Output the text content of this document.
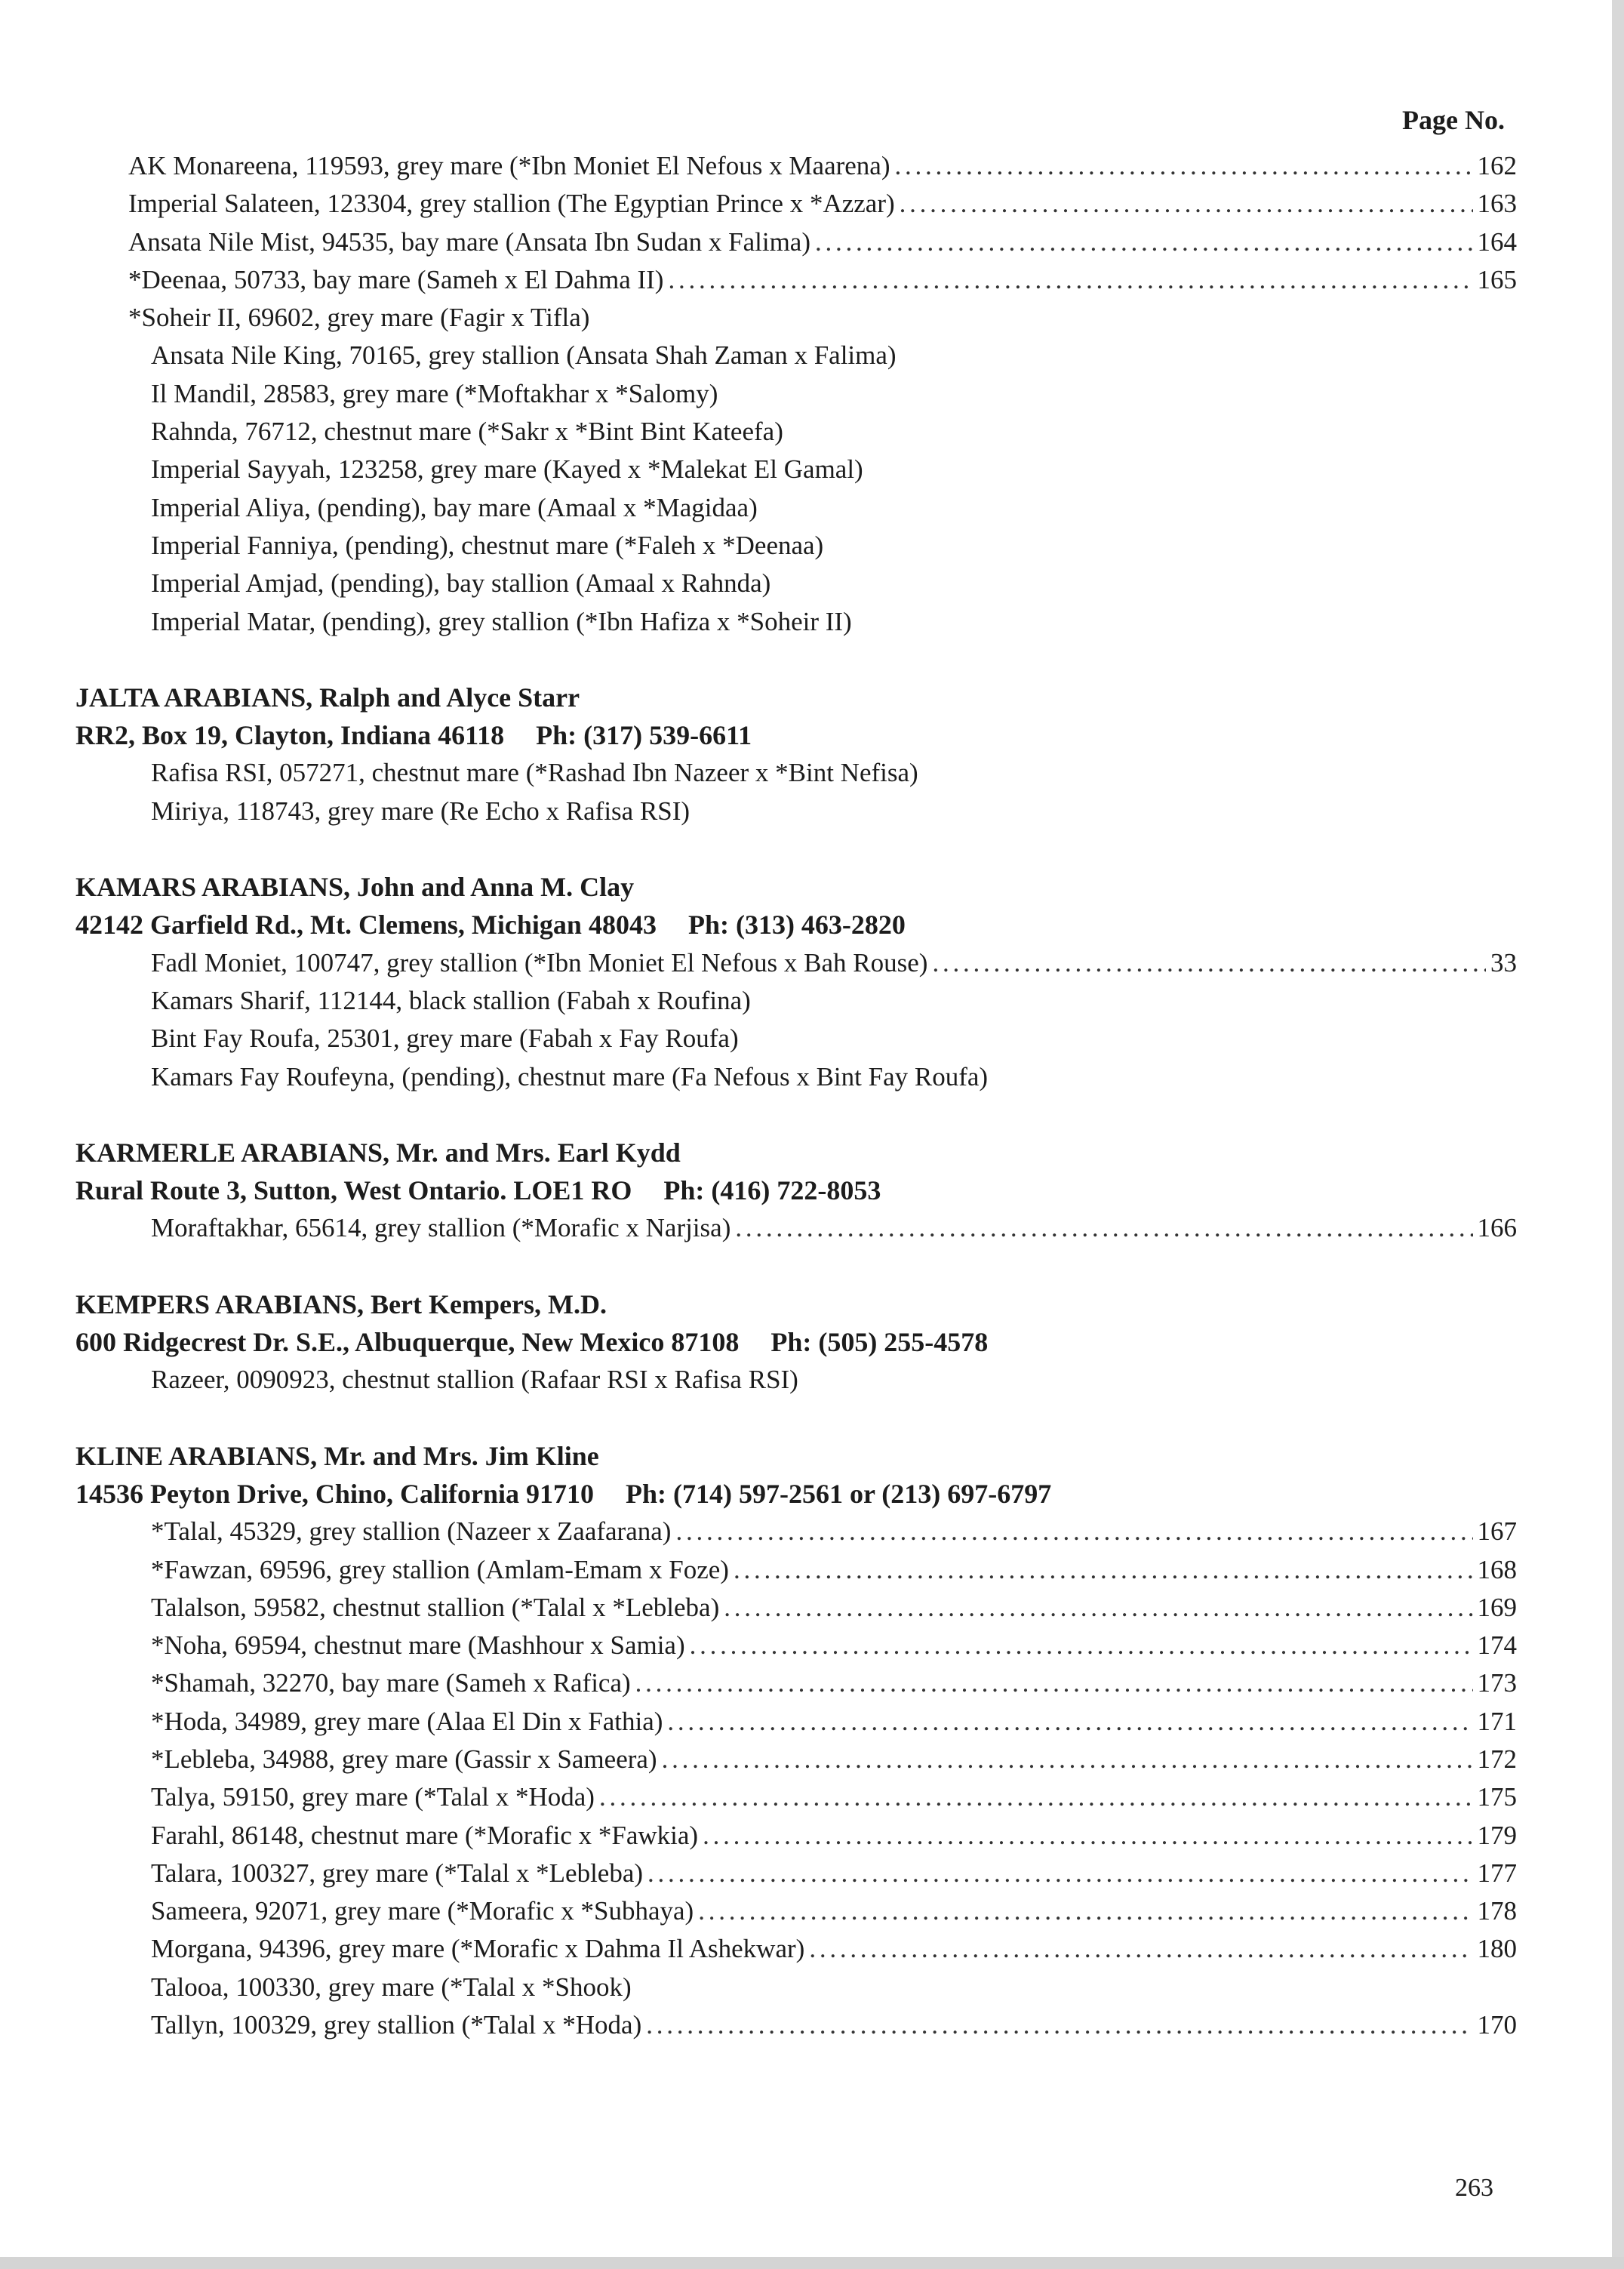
Page No.
AK Monareena, 119593, grey mare (*Ibn Moniet El Nefous x Maarena) . . .	162
Imperial Salateen, 123304, grey stallion (The Egyptian Prince x *Azzar) . . .	163
Ansata Nile Mist, 94535, bay mare (Ansata Ibn Sudan x Falima) . . .	164
*Deenaa, 50733, bay mare (Sameh x El Dahma II) . . .	165
*Soheir II, 69602, grey mare (Fagir x Tifla)
Ansata Nile King, 70165, grey stallion (Ansata Shah Zaman x Falima)
Il Mandil, 28583, grey mare (*Moftakhar x *Salomy)
Rahnda, 76712, chestnut mare (*Sakr x *Bint Bint Kateefa)
Imperial Sayyah, 123258, grey mare (Kayed x *Malekat El Gamal)
Imperial Aliya, (pending), bay mare (Amaal x *Magidaa)
Imperial Fanniya, (pending), chestnut mare (*Faleh x *Deenaa)
Imperial Amjad, (pending), bay stallion (Amaal x Rahnda)
Imperial Matar, (pending), grey stallion (*Ibn Hafiza x *Soheir II)
JALTA ARABIANS, Ralph and Alyce Starr
RR2, Box 19, Clayton, Indiana 46118 Ph: (317) 539-6611
Rafisa RSI, 057271, chestnut mare (*Rashad Ibn Nazeer x *Bint Nefisa)
Miriya, 118743, grey mare (Re Echo x Rafisa RSI)
KAMARS ARABIANS, John and Anna M. Clay
42142 Garfield Rd., Mt. Clemens, Michigan 48043 Ph: (313) 463-2820
Fadl Moniet, 100747, grey stallion (*Ibn Moniet El Nefous x Bah Rouse) . . .	33
Kamars Sharif, 112144, black stallion (Fabah x Roufina)
Bint Fay Roufa, 25301, grey mare (Fabah x Fay Roufa)
Kamars Fay Roufeyna, (pending), chestnut mare (Fa Nefous x Bint Fay Roufa)
KARMERLE ARABIANS, Mr. and Mrs. Earl Kydd
Rural Route 3, Sutton, West Ontario. LOE1 RO Ph: (416) 722-8053
Moraftakhar, 65614, grey stallion (*Morafic x Narjisa) . . .	166
KEMPERS ARABIANS, Bert Kempers, M.D.
600 Ridgecrest Dr. S.E., Albuquerque, New Mexico 87108 Ph: (505) 255-4578
Razeer, 0090923, chestnut stallion (Rafaar RSI x Rafisa RSI)
KLINE ARABIANS, Mr. and Mrs. Jim Kline
14536 Peyton Drive, Chino, California 91710 Ph: (714) 597-2561 or (213) 697-6797
*Talal, 45329, grey stallion (Nazeer x Zaafarana) . . .	167
*Fawzan, 69596, grey stallion (Amlam-Emam x Foze) . . .	168
Talalson, 59582, chestnut stallion (*Talal x *Lebleba) . . .	169
*Noha, 69594, chestnut mare (Mashhour x Samia) . . .	174
*Shamah, 32270, bay mare (Sameh x Rafica) . . .	173
*Hoda, 34989, grey mare (Alaa El Din x Fathia) . . .	171
*Lebleba, 34988, grey mare (Gassir x Sameera) . . .	172
Talya, 59150, grey mare (*Talal x *Hoda) . . .	175
Farahl, 86148, chestnut mare (*Morafic x *Fawkia) . . .	179
Talara, 100327, grey mare (*Talal x *Lebleba) . . .	177
Sameera, 92071, grey mare (*Morafic x *Subhaya) . . .	178
Morgana, 94396, grey mare (*Morafic x Dahma Il Ashekwar) . . .	180
Talooa, 100330, grey mare (*Talal x *Shook)
Tallyn, 100329, grey stallion (*Talal x *Hoda) . . .	170
263
